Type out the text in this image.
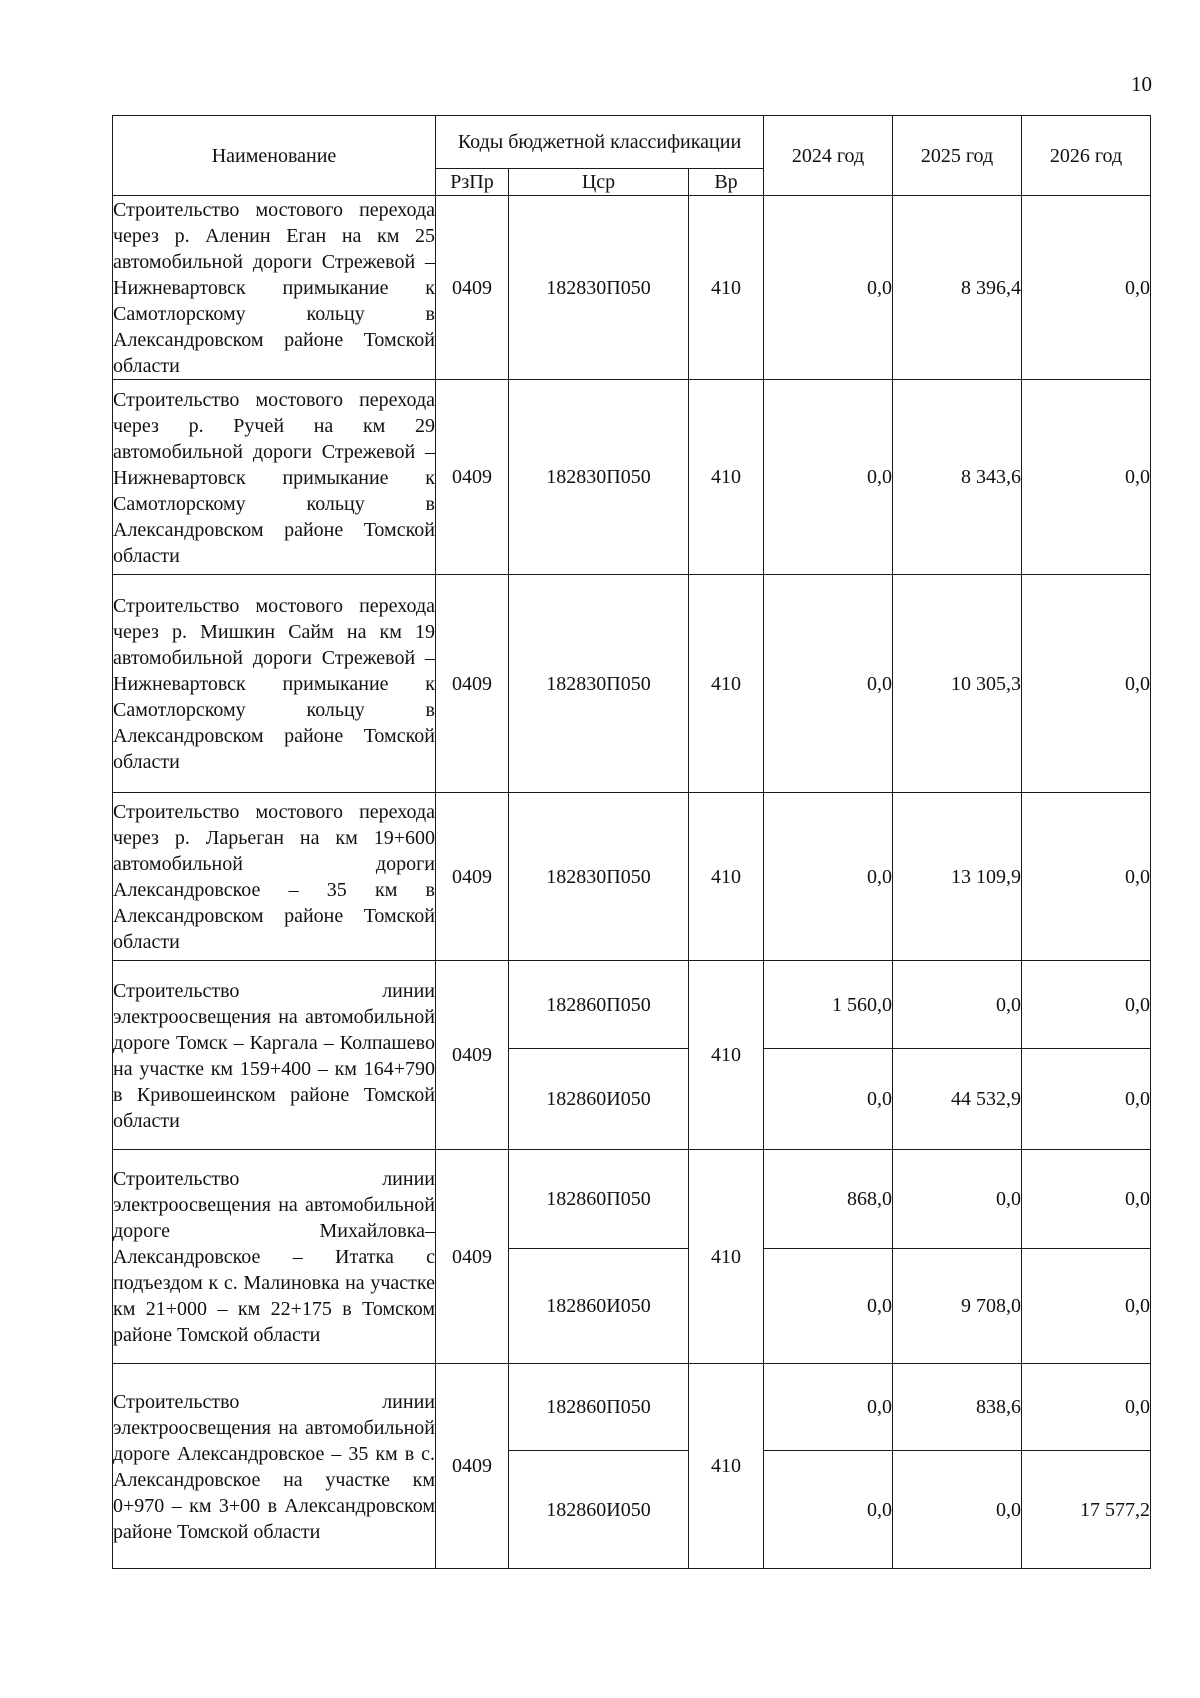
10
Наименование	Коды бюджетной классификации			2024 год	2025 год	2026 год
	РзПр	Цср	Вр			

Строительство мостового перехода через р. Аленин Еган на км 25 автомобильной дороги Стрежевой – Нижневартовск примыкание к Самотлорскому кольцу в Александровском районе Томской области	0409	182830П050	410	0,0	8 396,4	0,0

Строительство мостового перехода через р. Ручей на км 29 автомобильной дороги Стрежевой – Нижневартовск примыкание к Самотлорскому кольцу в Александровском районе Томской области	0409	182830П050	410	0,0	8 343,6	0,0

Строительство мостового перехода через р. Мишкин Сайм на км 19 автомобильной дороги Стрежевой – Нижневартовск примыкание к Самотлорскому кольцу в Александровском районе Томской области	0409	182830П050	410	0,0	10 305,3	0,0

Строительство мостового перехода через р. Ларьеган на км 19+600 автомобильной дороги Александровское – 35 км в Александровском районе Томской области	0409	182830П050	410	0,0	13 109,9	0,0

Строительство линии электроосвещения на автомобильной дороге Томск – Каргала – Колпашево на участке км 159+400 – км 164+790 в Кривошеинском районе Томской области	0409	182860П050	410	1 560,0	0,0	0,0
		182860И050		0,0	44 532,9	0,0

Строительство линии электроосвещения на автомобильной дороге Михайловка– Александровское – Итатка с подъездом к с. Малиновка на участке км 21+000 – км 22+175 в Томском районе Томской области	0409	182860П050	410	868,0	0,0	0,0
		182860И050		0,0	9 708,0	0,0

Строительство линии электроосвещения на автомобильной дороге Александровское – 35 км в с. Александровское на участке км 0+970 – км 3+00 в Александровском районе Томской области	0409	182860П050	410	0,0	838,6	0,0
		182860И050		0,0	0,0	17 577,2
